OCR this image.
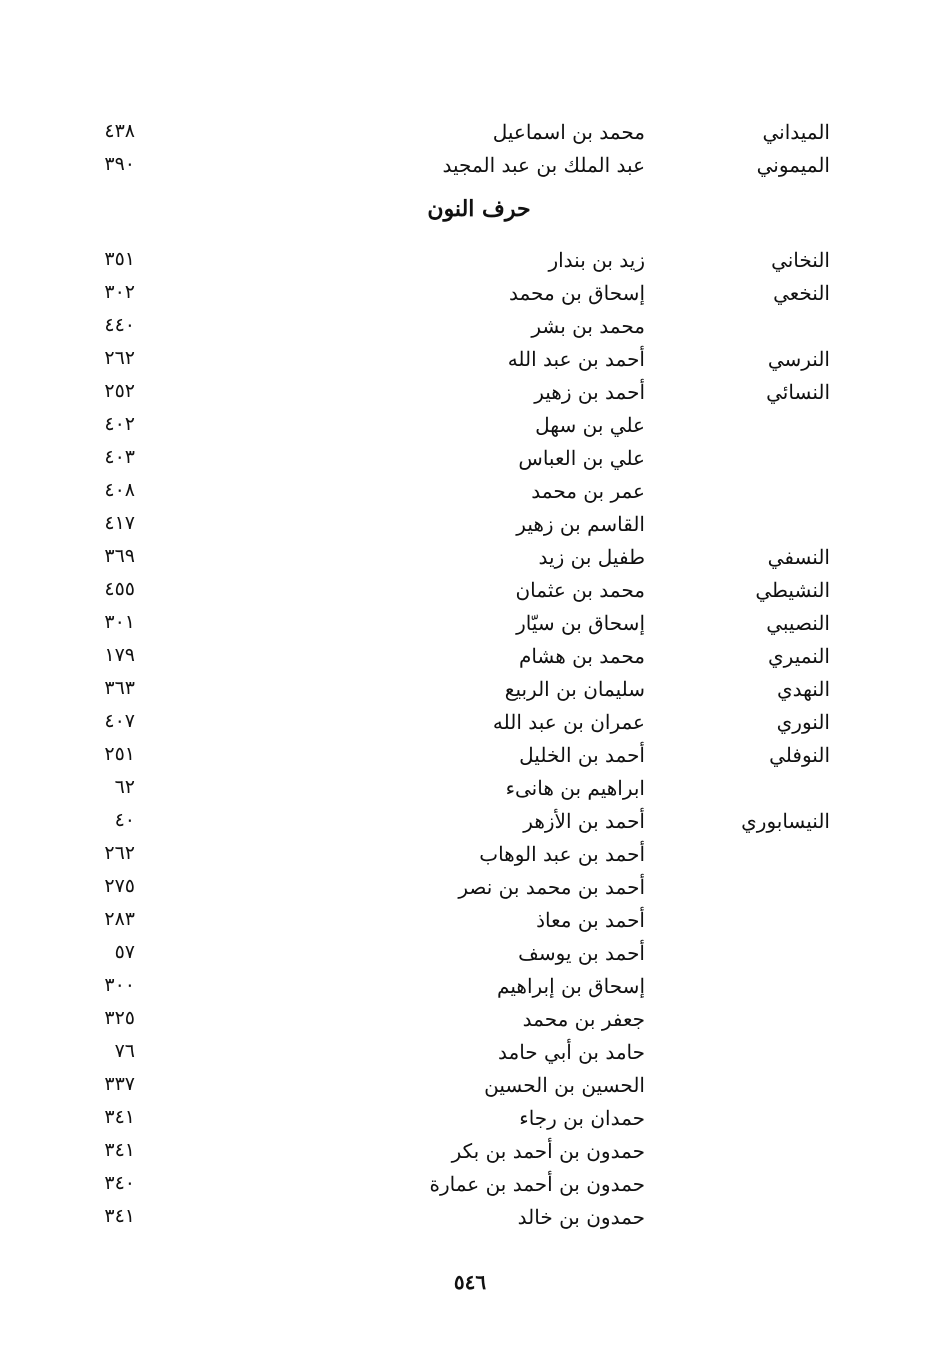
الميداني
محمد بن اسماعيل
٤٣٨
الميموني
عبد الملك بن عبد المجيد
٣٩٠
حرف النون
النخاني
زيد بن بندار
٣٥١
النخعي
إسحاق بن محمد
٣٠٢
محمد بن بشر
٤٤٠
النرسي
أحمد بن عبد الله
٢٦٢
النسائي
أحمد بن زهير
٢٥٢
علي بن سهل
٤٠٢
علي بن العباس
٤٠٣
عمر بن محمد
٤٠٨
القاسم بن زهير
٤١٧
النسفي
طفيل بن زيد
٣٦٩
النشيطي
محمد بن عثمان
٤٥٥
النصيبي
إسحاق بن سيّار
٣٠١
النميري
محمد بن هشام
١٧٩
النهدي
سليمان بن الربيع
٣٦٣
النوري
عمران بن عبد الله
٤٠٧
النوفلي
أحمد بن الخليل
٢٥١
ابراهيم بن هانىء
٦٢
النيسابوري
أحمد بن الأزهر
٤٠
أحمد بن عبد الوهاب
٢٦٢
أحمد بن محمد بن نصر
٢٧٥
أحمد بن معاذ
٢٨٣
أحمد بن يوسف
٥٧
إسحاق بن إبراهيم
٣٠٠
جعفر بن محمد
٣٢٥
حامد بن أبي حامد
٧٦
الحسين بن الحسين
٣٣٧
حمدان بن رجاء
٣٤١
حمدون بن أحمد بن بكر
٣٤١
حمدون بن أحمد بن عمارة
٣٤٠
حمدون بن خالد
٣٤١
٥٤٦
